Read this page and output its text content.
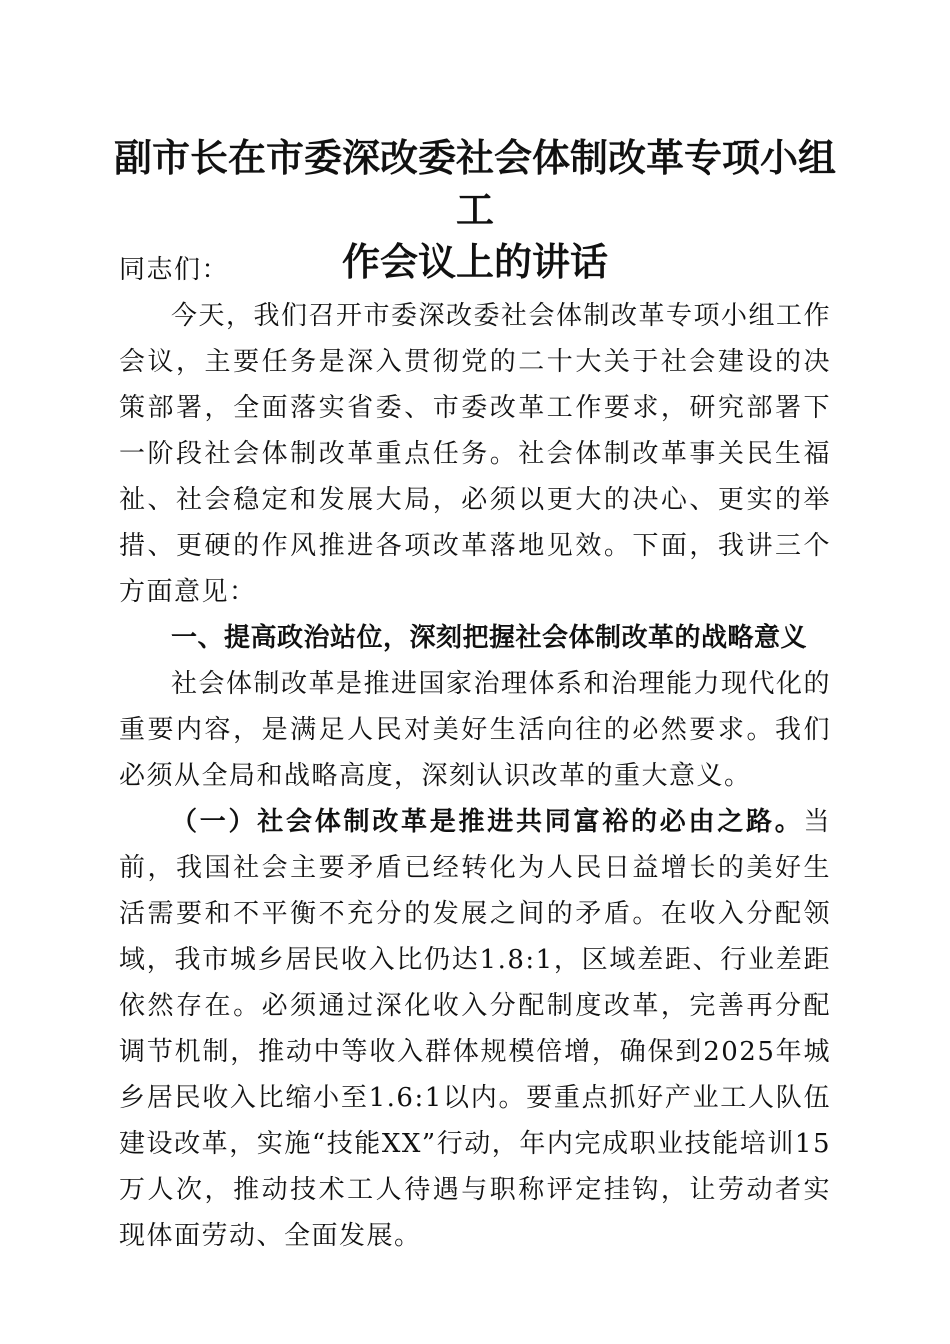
副市长在市委深改委社会体制改革专项小组工
作会议上的讲话

同志们：

今天，我们召开市委深改委社会体制改革专项小组工作会议，主要任务是深入贯彻党的二十大关于社会建设的决策部署，全面落实省委、市委改革工作要求，研究部署下一阶段社会体制改革重点任务。社会体制改革事关民生福祉、社会稳定和发展大局，必须以更大的决心、更实的举措、更硬的作风推进各项改革落地见效。下面，我讲三个方面意见：

一、提高政治站位，深刻把握社会体制改革的战略意义

社会体制改革是推进国家治理体系和治理能力现代化的重要内容，是满足人民对美好生活向往的必然要求。我们必须从全局和战略高度，深刻认识改革的重大意义。

（一）社会体制改革是推进共同富裕的必由之路。当前，我国社会主要矛盾已经转化为人民日益增长的美好生活需要和不平衡不充分的发展之间的矛盾。在收入分配领域，我市城乡居民收入比仍达1.8:1，区域差距、行业差距依然存在。必须通过深化收入分配制度改革，完善再分配调节机制，推动中等收入群体规模倍增，确保到2025年城乡居民收入比缩小至1.6:1以内。要重点抓好产业工人队伍建设改革，实施“技能XX”行动，年内完成职业技能培训15万人次，推动技术工人待遇与职称评定挂钩，让劳动者实现体面劳动、全面发展。
